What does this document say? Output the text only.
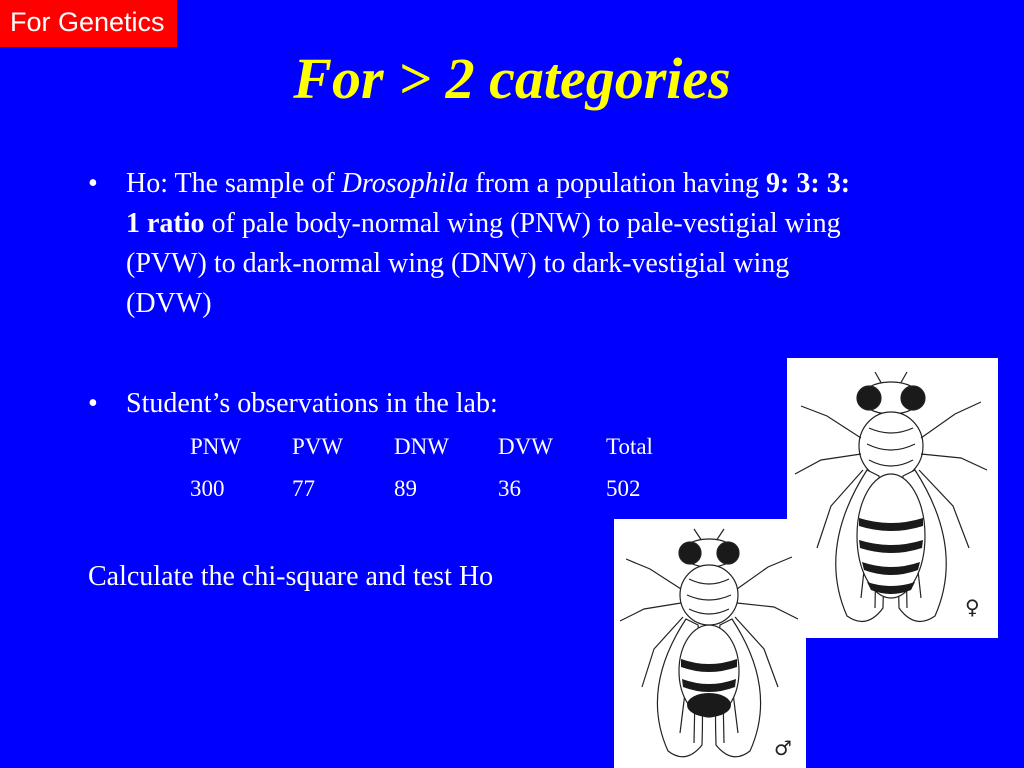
For Genetics
For > 2 categories
• Ho: The sample of Drosophila from a population having 9: 3: 3: 1 ratio of pale body-normal wing (PNW) to pale-vestigial wing (PVW) to dark-normal wing (DNW) to dark-vestigial wing (DVW)
• Student’s observations in the lab:
PNW PVW DNW DVW Total
300	77	89	36	502
Calculate the chi-square and test Ho
♀
♂
